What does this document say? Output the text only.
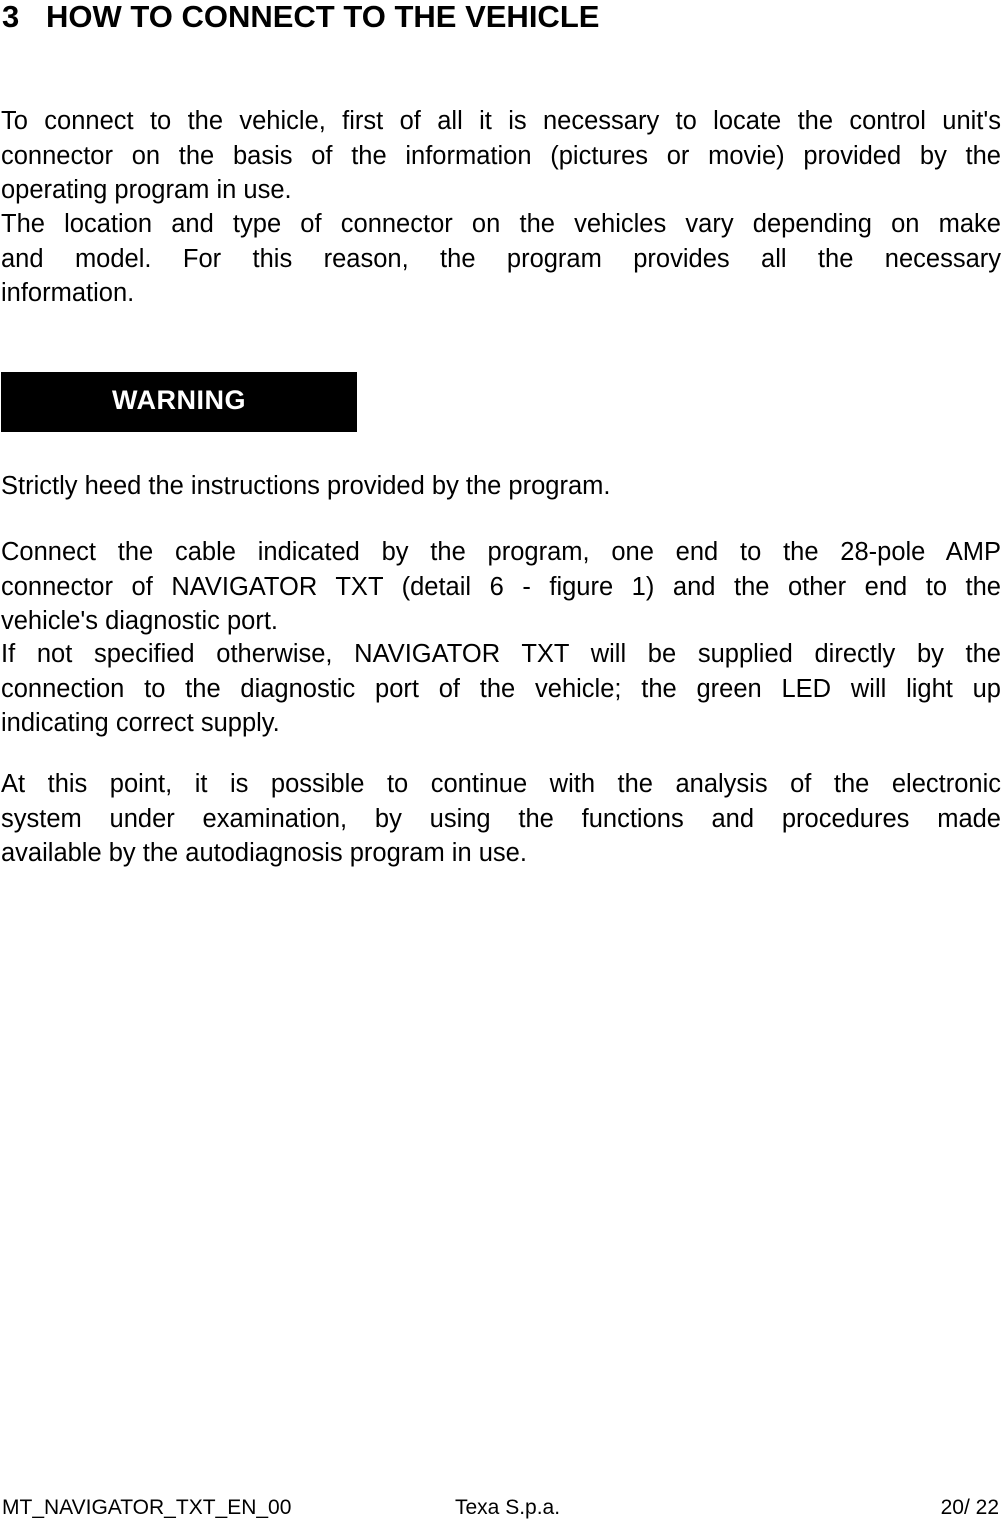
3 HOW TO CONNECT TO THE VEHICLE
To connect to the vehicle, first of all it is necessary to locate the control unit's
connector on the basis of the information (pictures or movie) provided by the
operating program in use.
The location and type of connector on the vehicles vary depending on make
and model. For this reason, the program provides all the necessary
information.
WARNING
Strictly heed the instructions provided by the program.
Connect the cable indicated by the program, one end to the 28-pole AMP
connector of NAVIGATOR TXT (detail 6 - figure 1) and the other end to the
vehicle's diagnostic port.
If not specified otherwise, NAVIGATOR TXT will be supplied directly by the
connection to the diagnostic port of the vehicle; the green LED will light up
indicating correct supply.
At this point, it is possible to continue with the analysis of the electronic
system under examination, by using the functions and procedures made
available by the autodiagnosis program in use.
MT_NAVIGATOR_TXT_EN_00	Texa S.p.a.	20/ 22
